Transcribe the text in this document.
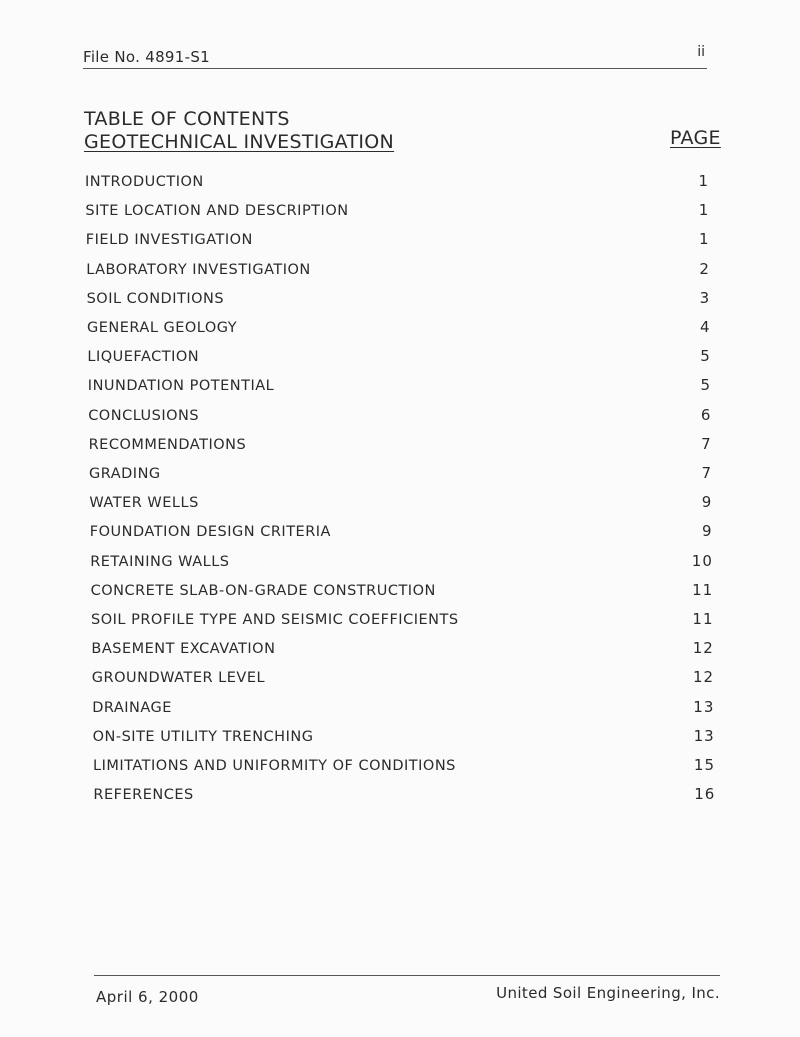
File No. 4891-S1	ii
TABLE OF CONTENTS
GEOTECHNICAL INVESTIGATION	PAGE
INTRODUCTION	1
SITE LOCATION AND DESCRIPTION	1
FIELD INVESTIGATION	1
LABORATORY INVESTIGATION	2
SOIL CONDITIONS	3
GENERAL GEOLOGY	4
LIQUEFACTION	5
INUNDATION POTENTIAL	5
CONCLUSIONS	6
RECOMMENDATIONS	7
GRADING	7
WATER WELLS	9
FOUNDATION DESIGN CRITERIA	9
RETAINING WALLS	10
CONCRETE SLAB-ON-GRADE CONSTRUCTION	11
SOIL PROFILE TYPE AND SEISMIC COEFFICIENTS	11
BASEMENT EXCAVATION	12
GROUNDWATER LEVEL	12
DRAINAGE	13
ON-SITE UTILITY TRENCHING	13
LIMITATIONS AND UNIFORMITY OF CONDITIONS	15
REFERENCES	16
April 6, 2000	United Soil Engineering, Inc.
